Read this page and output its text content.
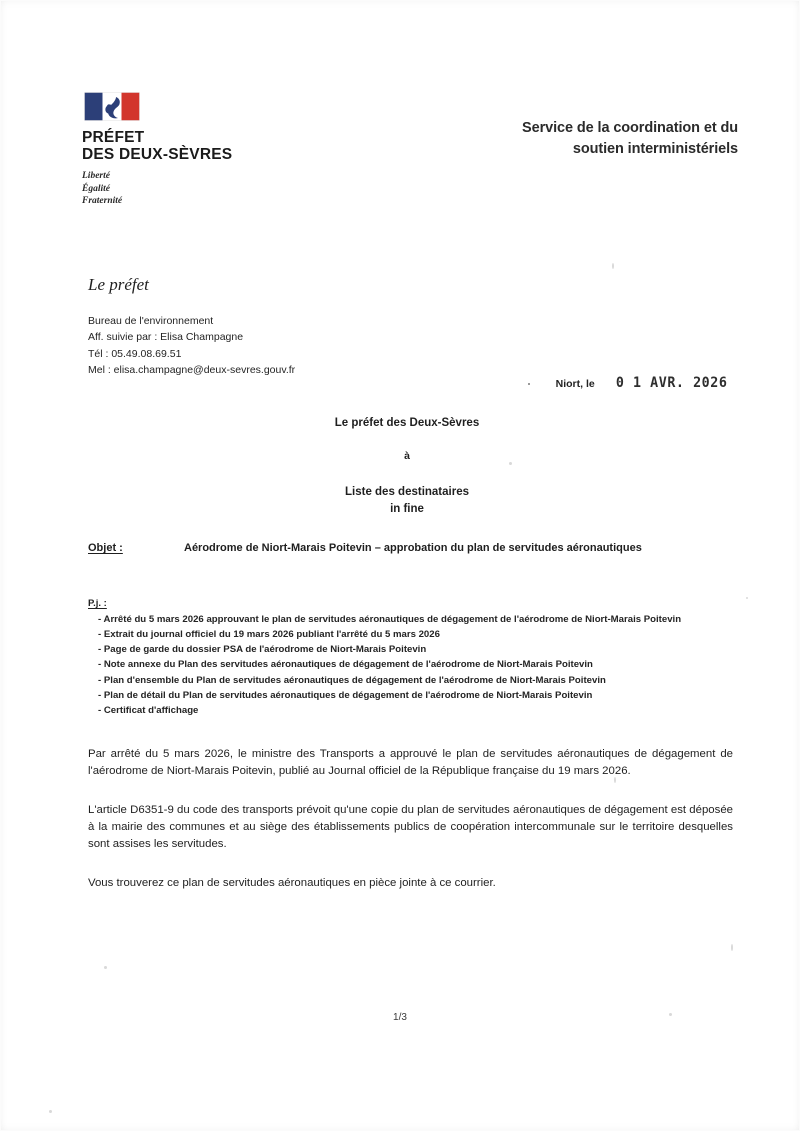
PRÉFET
DES DEUX-SÈVRES
Liberté
Égalité
Fraternité
Service de la coordination et du
soutien interministériels
Le préfet
Bureau de l'environnement
Aff. suivie par : Elisa Champagne
Tél : 05.49.08.69.51
Mel : elisa.champagne@deux-sevres.gouv.fr
Niort, le 0 1 AVR. 2026
Le préfet des Deux-Sèvres
à
Liste des destinataires
in fine
Objet :	Aérodrome de Niort-Marais Poitevin – approbation du plan de servitudes aéronautiques
P.j. :
- Arrêté du 5 mars 2026 approuvant le plan de servitudes aéronautiques de dégagement de l'aérodrome de Niort-Marais Poitevin
- Extrait du journal officiel du 19 mars 2026 publiant l'arrêté du 5 mars 2026
- Page de garde du dossier PSA de l'aérodrome de Niort-Marais Poitevin
- Note annexe du Plan des servitudes aéronautiques de dégagement de l'aérodrome de Niort-Marais Poitevin
- Plan d'ensemble du Plan de servitudes aéronautiques de dégagement de l'aérodrome de Niort-Marais Poitevin
- Plan de détail du Plan de servitudes aéronautiques de dégagement de l'aérodrome de Niort-Marais Poitevin
- Certificat d'affichage

Par arrêté du 5 mars 2026, le ministre des Transports a approuvé le plan de servitudes aéronautiques de dégagement de l'aérodrome de Niort-Marais Poitevin, publié au Journal officiel de la République française du 19 mars 2026.

L'article D6351-9 du code des transports prévoit qu'une copie du plan de servitudes aéronautiques de dégagement est déposée à la mairie des communes et au siège des établissements publics de coopération intercommunale sur le territoire desquelles sont assises les servitudes.

Vous trouverez ce plan de servitudes aéronautiques en pièce jointe à ce courrier.

1/3
